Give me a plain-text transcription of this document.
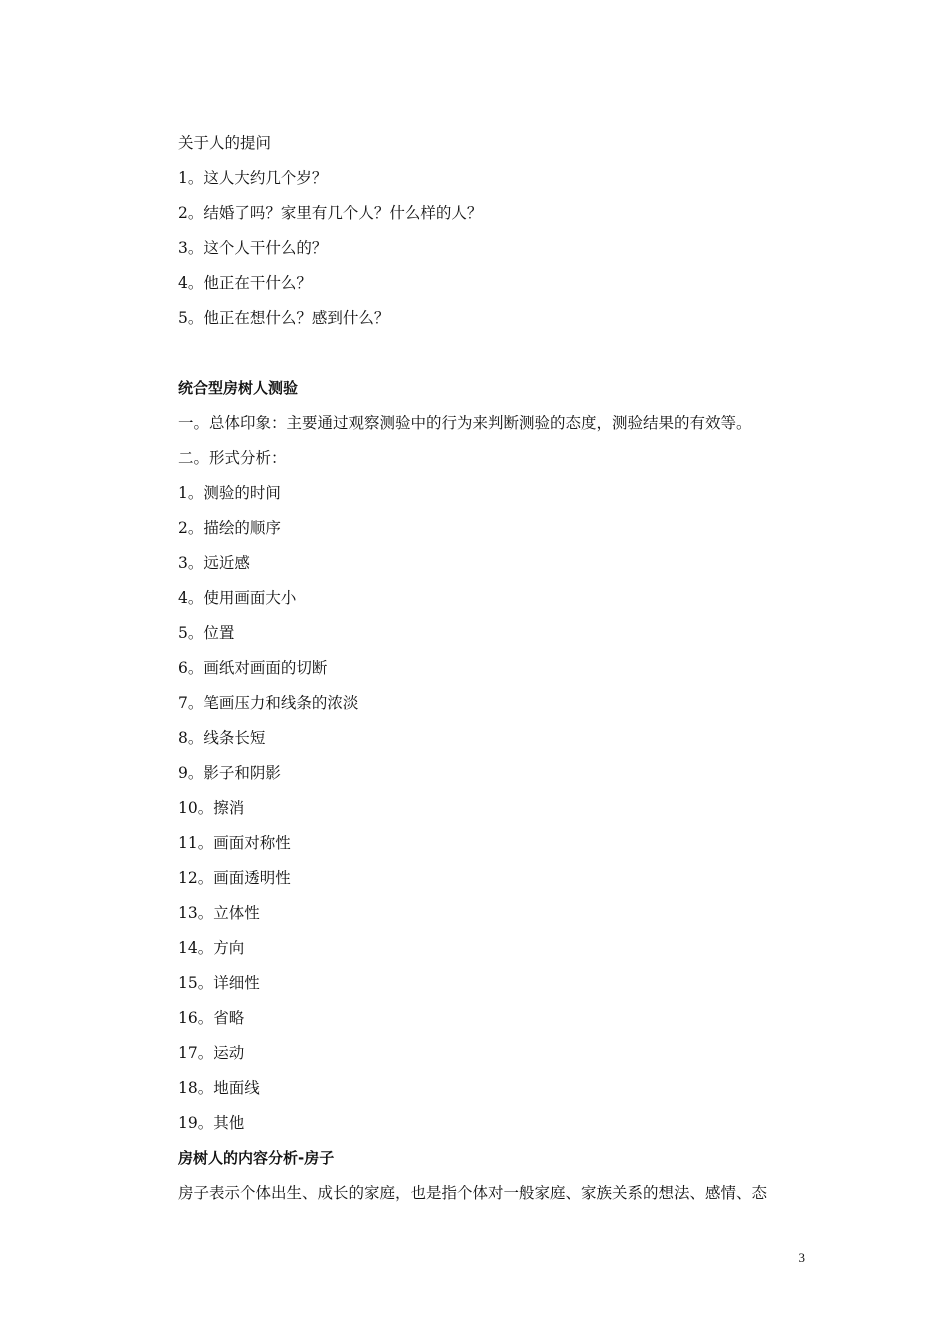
关于人的提问
1。这人大约几个岁？
2。结婚了吗？家里有几个人？什么样的人？
3。这个人干什么的？
4。他正在干什么？
5。他正在想什么？感到什么？
统合型房树人测验
一。总体印象：主要通过观察测验中的行为来判断测验的态度，测验结果的有效等。
二。形式分析：
1。测验的时间
2。描绘的顺序
3。远近感
4。使用画面大小
5。位置
6。画纸对画面的切断
7。笔画压力和线条的浓淡
8。线条长短
9。影子和阴影
10。擦消
11。画面对称性
12。画面透明性
13。立体性
14。方向
15。详细性
16。省略
17。运动
18。地面线
19。其他
房树人的内容分析-房子
房子表示个体出生、成长的家庭，也是指个体对一般家庭、家族关系的想法、感情、态
3
